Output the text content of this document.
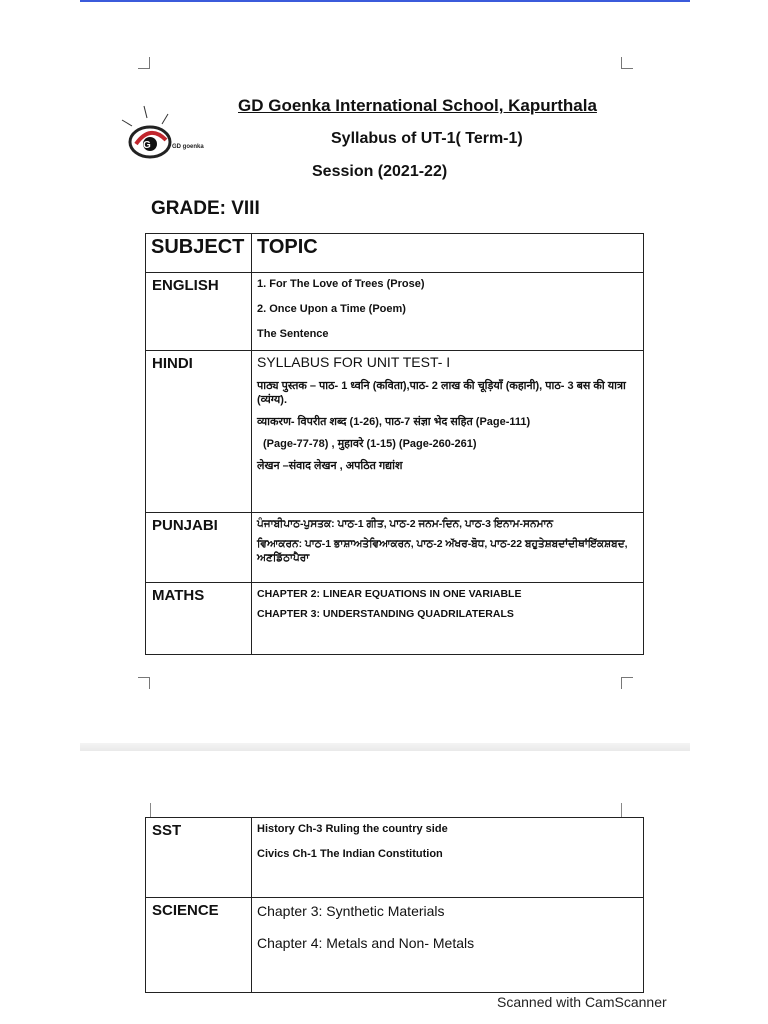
G	GD goenka
GD Goenka International School, Kapurthala
Syllabus of UT-1( Term-1)
Session (2021-22)
GRADE: VIII
SUBJECT	TOPIC
ENGLISH	1. For The Love of Trees (Prose)
2. Once Upon a Time (Poem)
The Sentence

HINDI	SYLLABUS FOR UNIT TEST- I
पाठ्य पुस्तक – पाठ- 1 ध्वनि (कविता),पाठ- 2 लाख की चूड़ियाँ (कहानी), पाठ- 3 बस की यात्रा (व्यंग्य).
व्याकरण- विपरीत शब्द (1-26), पाठ-7 संज्ञा भेद सहित (Page-111)
(Page-77-78) , मुहावरे (1-15) (Page-260-261)
लेखन –संवाद लेखन , अपठित गद्यांश

PUNJABI	ਪੰਜਾਬੀਪਾਠ-ਪੁਸਤਕ: ਪਾਠ-1 ਗੀਤ, ਪਾਠ-2 ਜਨਮ-ਦਿਨ, ਪਾਠ-3 ਇਨਾਮ-ਸਨਮਾਨ
ਵਿਆਕਰਨ: ਪਾਠ-1 ਭਾਸ਼ਾਅਤੇਵਿਆਕਰਨ, ਪਾਠ-2 ਅੱਖਰ-ਬੋਧ, ਪਾਠ-22 ਬਹੁਤੇਸ਼ਬਦਾਂਦੀਥਾਂਇੱਕਸ਼ਬਦ, ਅਣਡਿੱਠਾਪੈਰਾ

MATHS	CHAPTER 2: LINEAR EQUATIONS IN ONE VARIABLE
CHAPTER 3: UNDERSTANDING QUADRILATERALS
SST	History Ch-3 Ruling the country side
Civics Ch-1 The Indian Constitution

SCIENCE	Chapter 3: Synthetic Materials
Chapter 4: Metals and Non- Metals
Scanned with CamScanner
